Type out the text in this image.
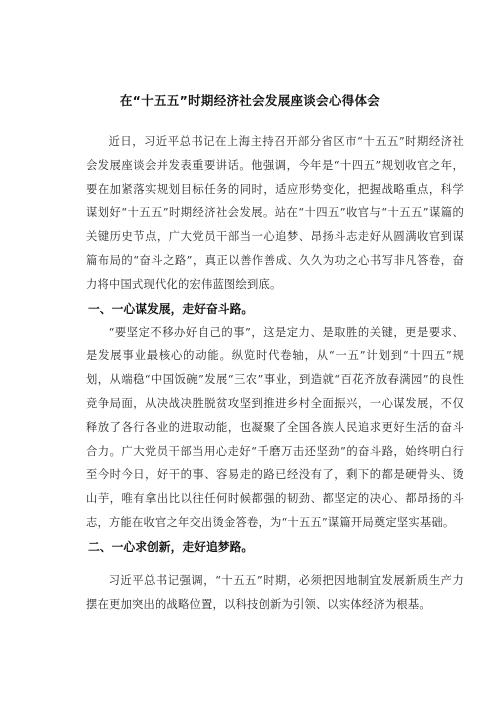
在“十五五”时期经济社会发展座谈会心得体会

近日，习近平总书记在上海主持召开部分省区市“十五五”时期经济社会发展座谈会并发表重要讲话。他强调，今年是“十四五”规划收官之年，要在加紧落实规划目标任务的同时，适应形势变化，把握战略重点，科学谋划好“十五五”时期经济社会发展。站在“十四五”收官与“十五五”谋篇的关键历史节点，广大党员干部当一心追梦、昂扬斗志走好从圆满收官到谋篇布局的“奋斗之路”，真正以善作善成、久久为功之心书写非凡答卷，奋力将中国式现代化的宏伟蓝图绘到底。

一、一心谋发展，走好奋斗路。

“要坚定不移办好自己的事”，这是定力、是取胜的关键，更是要求、是发展事业最核心的动能。纵览时代卷轴，从“一五”计划到“十四五”规划，从端稳“中国饭碗”发展“三农”事业，到造就“百花齐放春满园”的良性竞争局面，从决战决胜脱贫攻坚到推进乡村全面振兴，一心谋发展，不仅释放了各行各业的进取动能，也凝聚了全国各族人民追求更好生活的奋斗合力。广大党员干部当用心走好“千磨万击还坚劲”的奋斗路，始终明白行至今时今日，好干的事、容易走的路已经没有了，剩下的都是硬骨头、烫山芋，唯有拿出比以往任何时候都强的韧劲、都坚定的决心、都昂扬的斗志，方能在收官之年交出烫金答卷，为“十五五”谋篇开局奠定坚实基础。

二、一心求创新，走好追梦路。

习近平总书记强调，“十五五”时期，必须把因地制宜发展新质生产力摆在更加突出的战略位置，以科技创新为引领、以实体经济为根基。
